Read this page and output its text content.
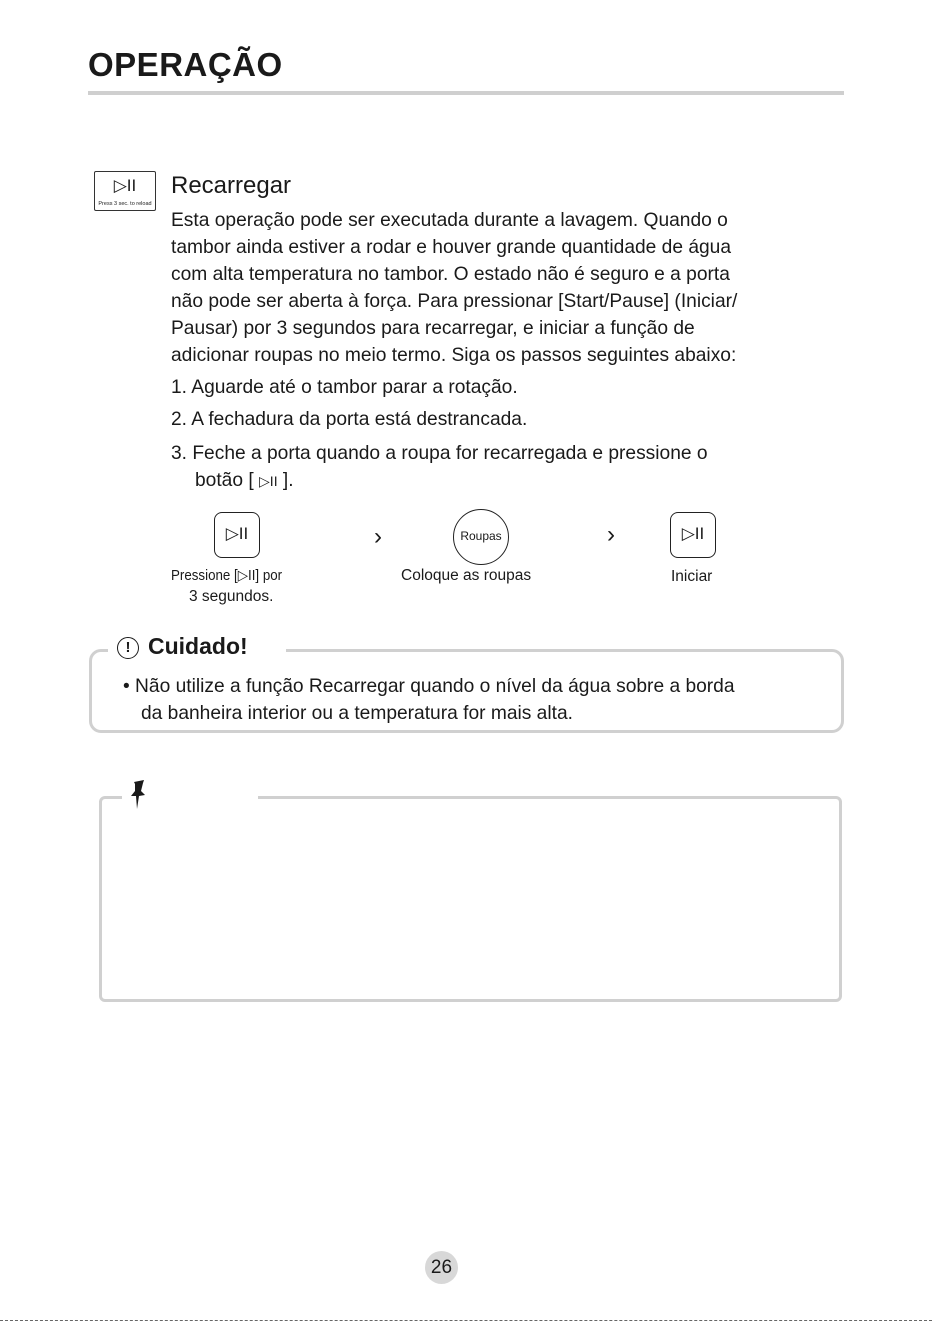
OPERAÇÃO
▷II
Press 3 sec. to reload
Recarregar
Esta operação pode ser executada durante a lavagem. Quando o
tambor ainda estiver a rodar e houver grande quantidade de água
com alta temperatura no tambor. O estado não é seguro e a porta
não pode ser aberta à força. Para pressionar [Start/Pause] (Iniciar/
Pausar) por 3 segundos para recarregar, e iniciar a função de
adicionar roupas no meio termo. Siga os passos seguintes abaixo:
1. Aguarde até o tambor parar a rotação.
2. A fechadura da porta está destrancada.
3. Feche a porta quando a roupa for recarregada e pressione o
botão [ ▷II ].
▷II	›	Roupas	›	▷II
Pressione [▷II] por
3 segundos.
Coloque as roupas	Iniciar
! Cuidado!
• Não utilize a função Recarregar quando o nível da água sobre a borda
da banheira interior ou a temperatura for mais alta.
26
